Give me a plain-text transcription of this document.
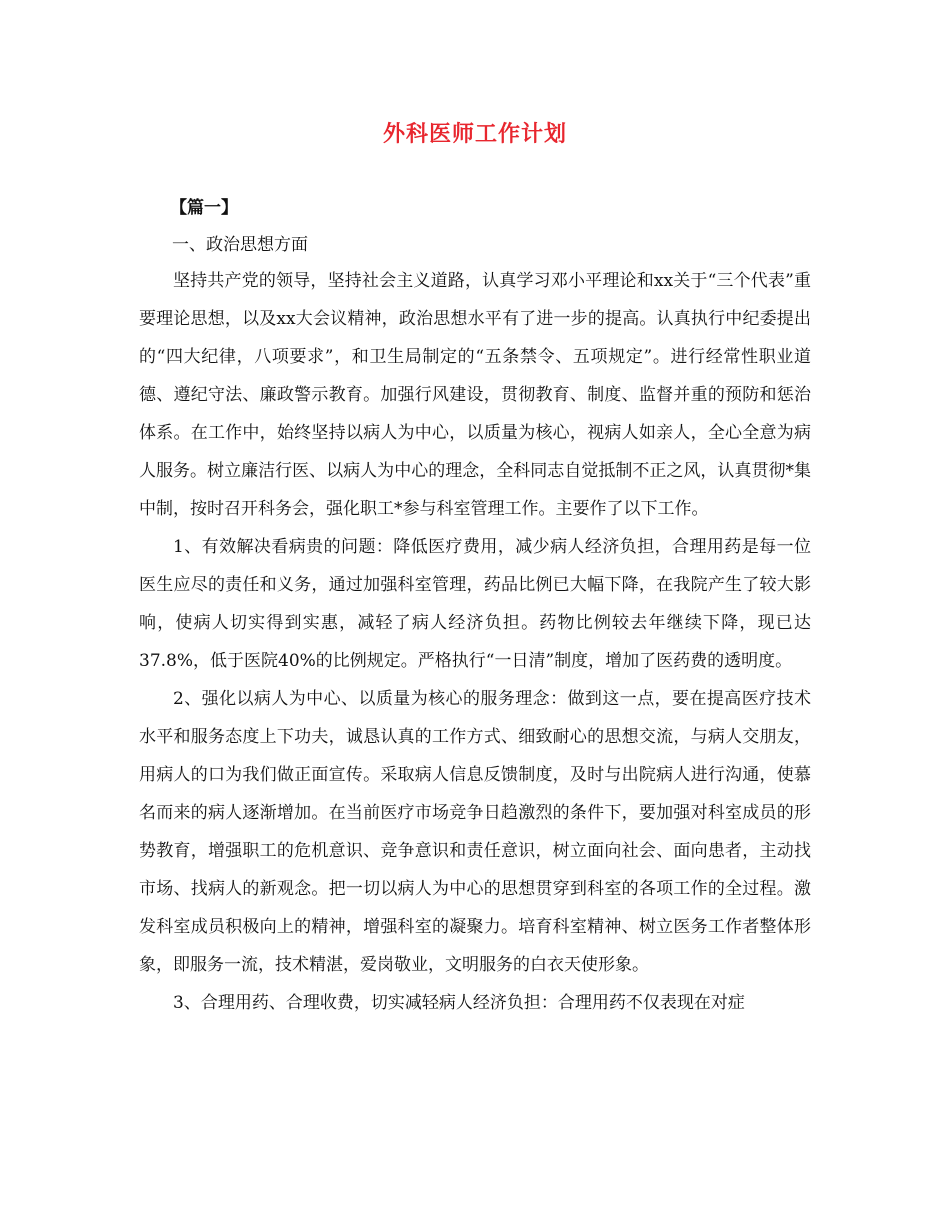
外科医师工作计划
【篇一】
一、政治思想方面

坚持共产党的领导，坚持社会主义道路，认真学习邓小平理论和xx关于“三个代表”重要理论思想，以及xx大会议精神，政治思想水平有了进一步的提高。认真执行中纪委提出的“四大纪律，八项要求”，和卫生局制定的“五条禁令、五项规定”。进行经常性职业道德、遵纪守法、廉政警示教育。加强行风建设，贯彻教育、制度、监督并重的预防和惩治体系。在工作中，始终坚持以病人为中心，以质量为核心，视病人如亲人，全心全意为病人服务。树立廉洁行医、以病人为中心的理念，全科同志自觉抵制不正之风，认真贯彻*集中制，按时召开科务会，强化职工*参与科室管理工作。主要作了以下工作。

1、有效解决看病贵的问题：降低医疗费用，减少病人经济负担，合理用药是每一位医生应尽的责任和义务，通过加强科室管理，药品比例已大幅下降，在我院产生了较大影响，使病人切实得到实惠，减轻了病人经济负担。药物比例较去年继续下降，现已达37.8%，低于医院40%的比例规定。严格执行“一日清”制度，增加了医药费的透明度。

2、强化以病人为中心、以质量为核心的服务理念：做到这一点，要在提高医疗技术水平和服务态度上下功夫，诚恳认真的工作方式、细致耐心的思想交流，与病人交朋友，用病人的口为我们做正面宣传。采取病人信息反馈制度，及时与出院病人进行沟通，使慕名而来的病人逐渐增加。在当前医疗市场竞争日趋激烈的条件下，要加强对科室成员的形势教育，增强职工的危机意识、竞争意识和责任意识，树立面向社会、面向患者，主动找市场、找病人的新观念。把一切以病人为中心的思想贯穿到科室的各项工作的全过程。激发科室成员积极向上的精神，增强科室的凝聚力。培育科室精神、树立医务工作者整体形象，即服务一流，技术精湛，爱岗敬业，文明服务的白衣天使形象。

3、合理用药、合理收费，切实减轻病人经济负担：合理用药不仅表现在对症
